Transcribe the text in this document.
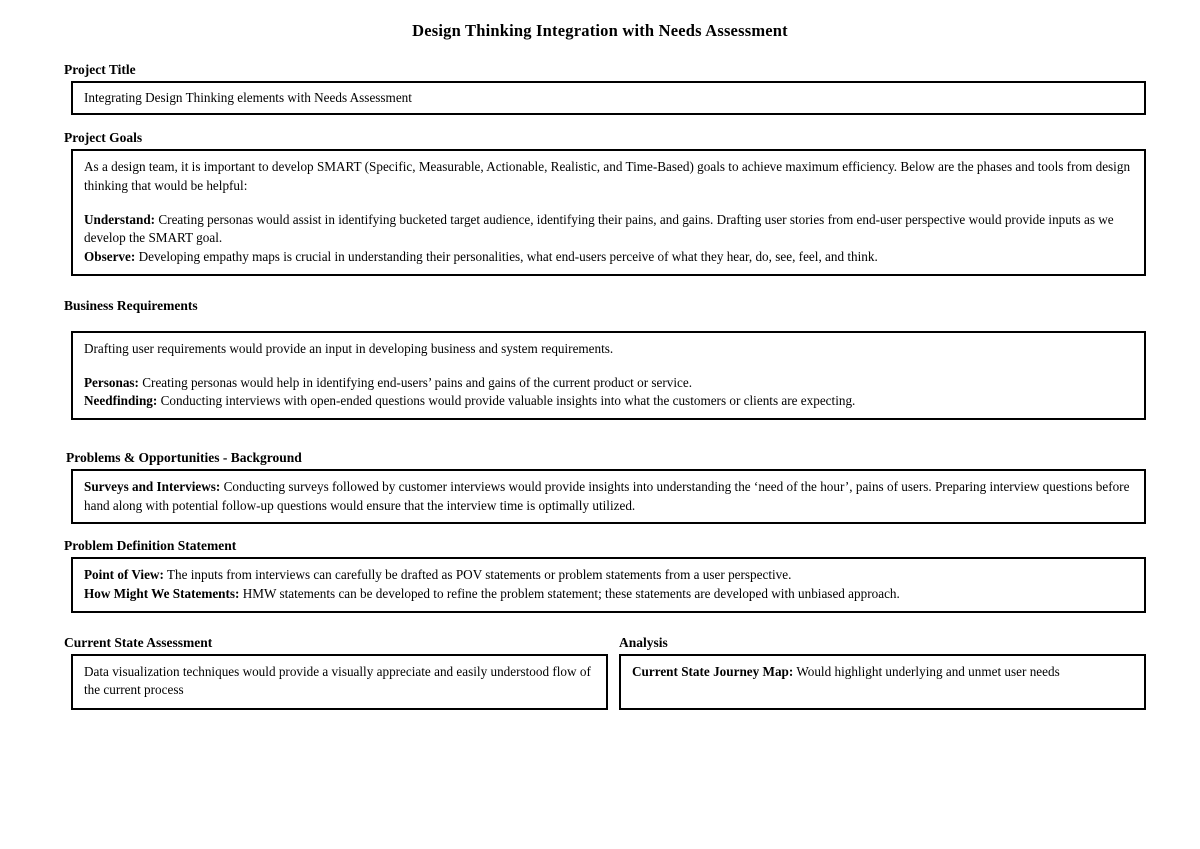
Design Thinking Integration with Needs Assessment
Project Title

Integrating Design Thinking elements with Needs Assessment

Project Goals

As a design team, it is important to develop SMART (Specific, Measurable, Actionable, Realistic, and Time-Based) goals to achieve maximum efficiency. Below are the phases and tools from design thinking that would be helpful:

Understand: Creating personas would assist in identifying bucketed target audience, identifying their pains, and gains. Drafting user stories from end-user perspective would provide inputs as we develop the SMART goal.

Observe: Developing empathy maps is crucial in understanding their personalities, what end-users perceive of what they hear, do, see, feel, and think.

Business Requirements

Drafting user requirements would provide an input in developing business and system requirements.

Personas: Creating personas would help in identifying end-users’ pains and gains of the current product or service.

Needfinding: Conducting interviews with open-ended questions would provide valuable insights into what the customers or clients are expecting.

Problems & Opportunities - Background

Surveys and Interviews: Conducting surveys followed by customer interviews would provide insights into understanding the ‘need of the hour’, pains of users. Preparing interview questions before hand along with potential follow-up questions would ensure that the interview time is optimally utilized.

Problem Definition Statement

Point of View: The inputs from interviews can carefully be drafted as POV statements or problem statements from a user perspective.

How Might We Statements: HMW statements can be developed to refine the problem statement; these statements are developed with unbiased approach.

Current State Assessment

Data visualization techniques would provide a visually appreciate and easily understood flow of the current process

Analysis

Current State Journey Map: Would highlight underlying and unmet user needs
